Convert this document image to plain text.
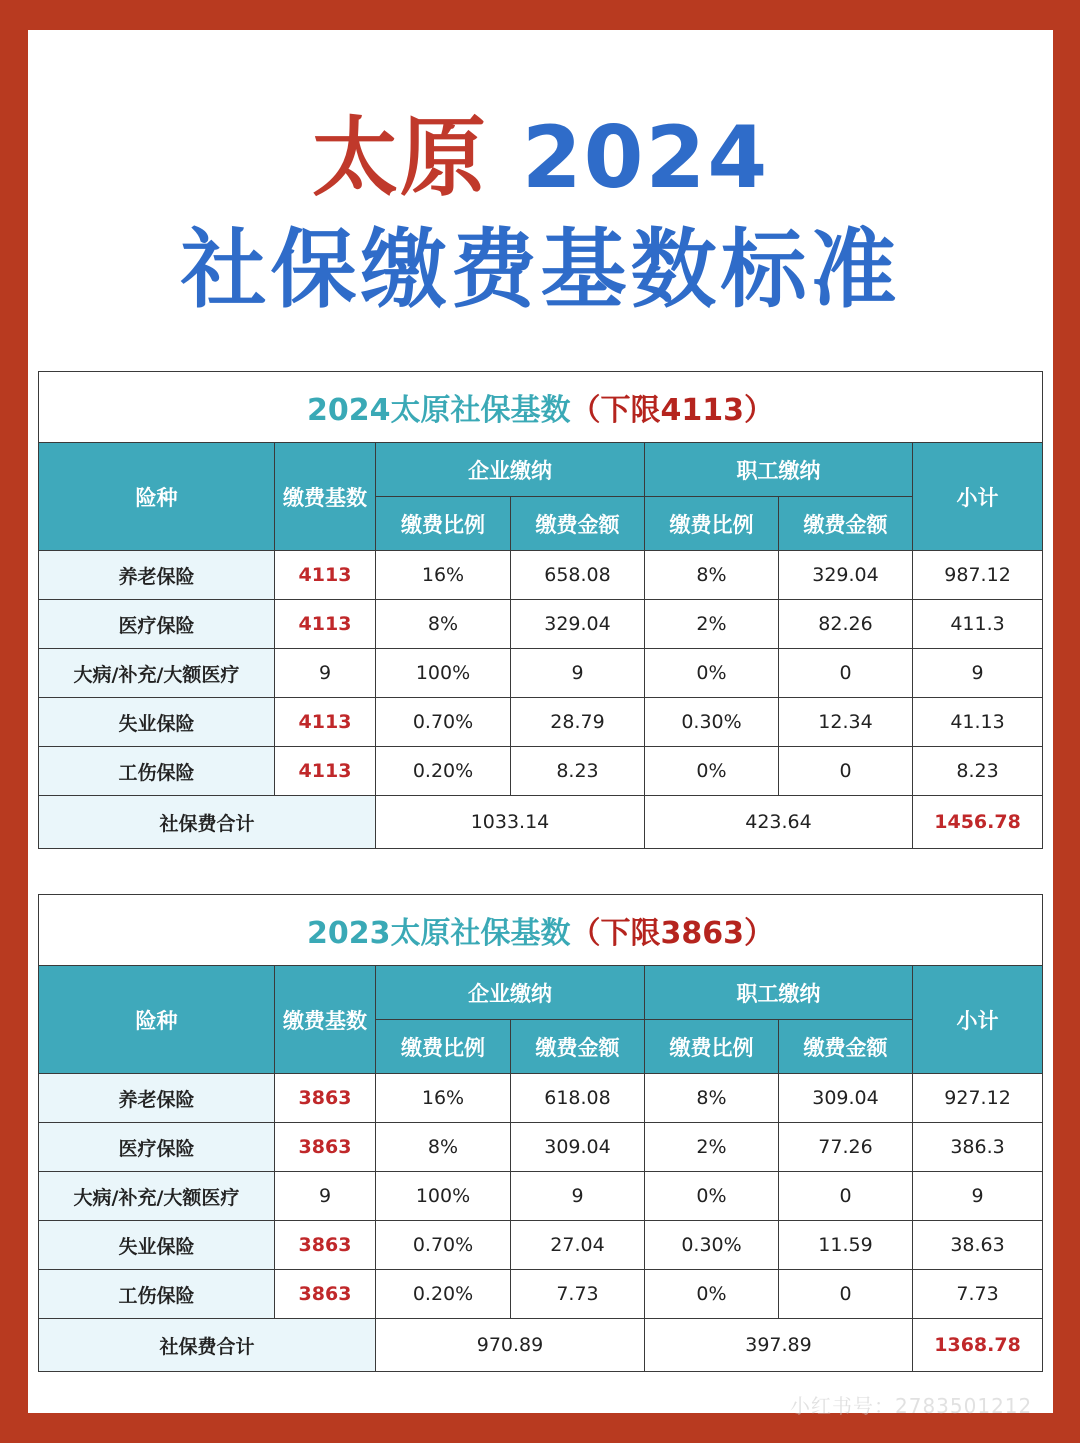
太原 2024
社保缴费基数标准
2024太原社保基数（下限4113）						
险种	缴费基数	企业缴纳		职工缴纳		小计
		缴费比例	缴费金额	缴费比例	缴费金额	
养老保险	4113	16%	658.08	8%	329.04	987.12
医疗保险	4113	8%	329.04	2%	82.26	411.3
大病/补充/大额医疗	9	100%	9	0%	0	9
失业保险	4113	0.70%	28.79	0.30%	12.34	41.13
工伤保险	4113	0.20%	8.23	0%	0	8.23
社保费合计		1033.14		423.64		1456.78
2023太原社保基数（下限3863）						
险种	缴费基数	企业缴纳		职工缴纳		小计
		缴费比例	缴费金额	缴费比例	缴费金额	
养老保险	3863	16%	618.08	8%	309.04	927.12
医疗保险	3863	8%	309.04	2%	77.26	386.3
大病/补充/大额医疗	9	100%	9	0%	0	9
失业保险	3863	0.70%	27.04	0.30%	11.59	38.63
工伤保险	3863	0.20%	7.73	0%	0	7.73
社保费合计		970.89		397.89		1368.78
小红书号：2783501212
